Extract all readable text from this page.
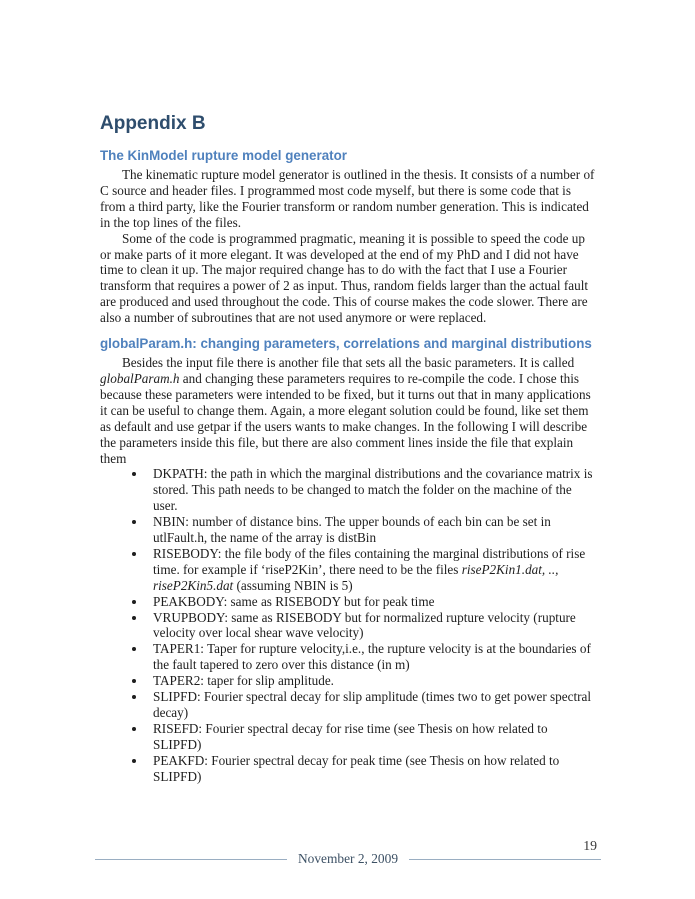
Appendix B
The KinModel rupture model generator

The kinematic rupture model generator is outlined in the thesis. It consists of a number of C source and header files. I programmed most code myself, but there is some code that is from a third party, like the Fourier transform or random number generation. This is indicated in the top lines of the files.

Some of the code is programmed pragmatic, meaning it is possible to speed the code up or make parts of it more elegant. It was developed at the end of my PhD and I did not have time to clean it up. The major required change has to do with the fact that I use a Fourier transform that requires a power of 2 as input. Thus, random fields larger than the actual fault are produced and used throughout the code. This of course makes the code slower. There are also a number of subroutines that are not used anymore or were replaced.

globalParam.h: changing parameters, correlations and marginal distributions

Besides the input file there is another file that sets all the basic parameters. It is called globalParam.h and changing these parameters requires to re-compile the code. I chose this because these parameters were intended to be fixed, but it turns out that in many applications it can be useful to change them. Again, a more elegant solution could be found, like set them as default and use getpar if the users wants to make changes. In the following I will describe the parameters inside this file, but there are also comment lines inside the file that explain them

• DKPATH: the path in which the marginal distributions and the covariance matrix is stored. This path needs to be changed to match the folder on the machine of the user.
• NBIN: number of distance bins. The upper bounds of each bin can be set in utlFault.h, the name of the array is distBin
• RISEBODY: the file body of the files containing the marginal distributions of rise time. for example if ‘riseP2Kin’, there need to be the files riseP2Kin1.dat, .., riseP2Kin5.dat (assuming NBIN is 5)
• PEAKBODY: same as RISEBODY but for peak time
• VRUPBODY: same as RISEBODY but for normalized rupture velocity (rupture velocity over local shear wave velocity)
• TAPER1: Taper for rupture velocity,i.e., the rupture velocity is at the boundaries of the fault tapered to zero over this distance (in m)
• TAPER2: taper for slip amplitude.
• SLIPFD: Fourier spectral decay for slip amplitude (times two to get power spectral decay)
• RISEFD: Fourier spectral decay for rise time (see Thesis on how related to SLIPFD)
• PEAKFD: Fourier spectral decay for peak time (see Thesis on how related to SLIPFD)
19
November 2, 2009
